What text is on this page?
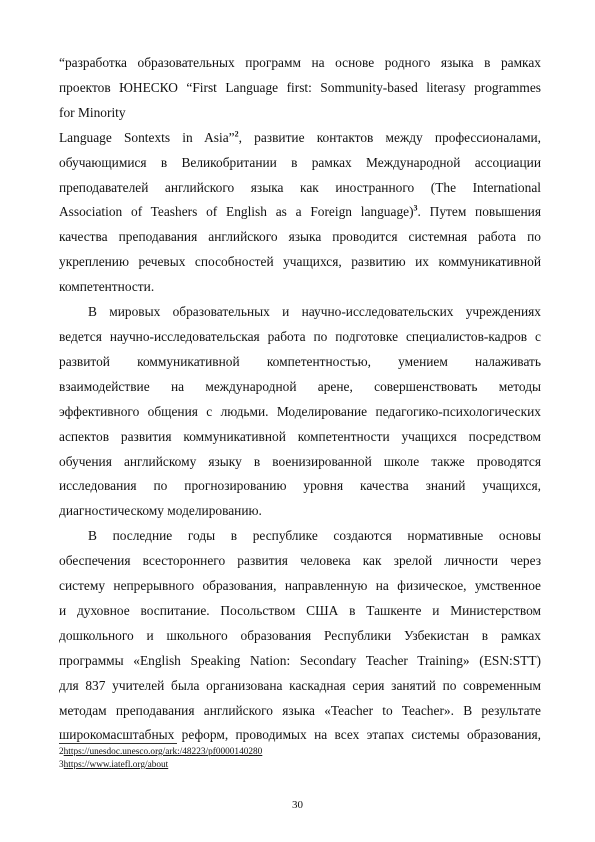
“разработка образовательных программ на основе родного языка в рамках
проектов ЮНЕСКО “First Language first: Sommunity-based literasy programmes
for Minority
Language Sontexts in Asia”$^2$, развитие контактов между профессионалами,
обучающимися в Великобритании в рамках Международной ассоциации
преподавателей английского языка как иностранного (The International
Association of Teashers of English as a Foreign language)$^3$. Путем повышения
качества преподавания английского языка проводится системная работа по
укреплению речевых способностей учащихся, развитию их коммуникативной
компетентности.
В мировых образовательных и научно-исследовательских учреждениях
ведется научно-исследовательская работа по подготовке специалистов-кадров с
развитой коммуникативной компетентностью, умением налаживать
взаимодействие на международной арене, совершенствовать методы
эффективного общения с людьми. Моделирование педагогико-психологических
аспектов развития коммуникативной компетентности учащихся посредством
обучения английскому языку в военизированной школе также проводятся
исследования по прогнозированию уровня качества знаний учащихся,
диагностическому моделированию.
В последние годы в республике создаются нормативные основы
обеспечения всестороннего развития человека как зрелой личности через
систему непрерывного образования, направленную на физическое, умственное
и духовное воспитание. Посольством США в Ташкенте и Министерством
дошкольного и школьного образования Республики Узбекистан в рамках
программы «English Speaking Nation: Secondary Teacher Training» (ESN:STT)
для 837 учителей была организована каскадная серия занятий по современным
методам преподавания английского языка «Teacher to Teacher». В результате
широкомасштабных реформ, проводимых на всех этапах системы образования,
2https://unesdoc.unesco.org/ark:/48223/pf0000140280
3https://www.iatefl.org/about
30
